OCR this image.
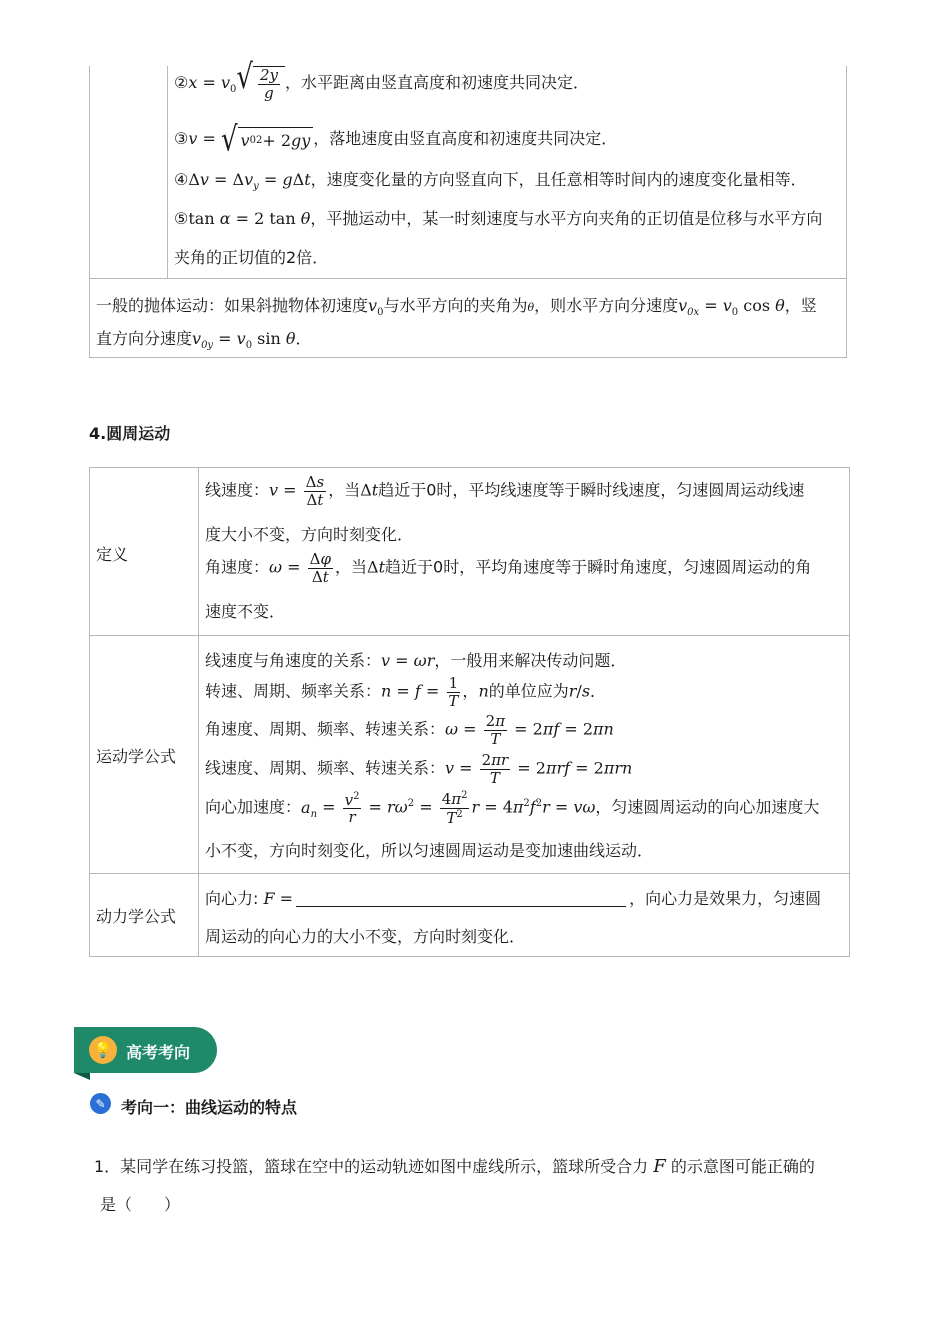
②x = $v_0$ √ $\frac{2y}{g}$ ，水平距离由竖直高度和初速度共同决定．
③v = √ v 0 2 + 2 gy ，落地速度由竖直高度和初速度共同决定．
④Δv = $\Delta v_y = g\Delta t$，速度变化量的方向竖直向下，且任意相等时间内的速度变化量相等．
⑤tan α = 2 tan θ，平抛运动中，某一时刻速度与水平方向夹角的正切值是位移与水平方向
夹角的正切值的2倍．
一般的抛体运动：如果斜抛物体初速度$v_0$与水平方向的夹角为θ，则水平方向分速度$v_{0x} = v_0$ cos θ，竖
直方向分速度$v_{0y} = v_0$ sin θ．
4.圆周运动
定义
线速度：$v = \frac{\Delta s}{\Delta t}$ ，当Δt趋近于0时，平均线速度等于瞬时线速度，匀速圆周运动线速
度大小不变，方向时刻变化．
角速度：$\omega = \frac{\Delta\varphi}{\Delta t}$ ，当Δt趋近于0时，平均角速度等于瞬时角速度，匀速圆周运动的角
速度不变．
运动学公式
线速度与角速度的关系：v = ωr，一般用来解决传动问题．
转速、周期、频率关系：$n = f = \frac{1}{T}$ ，n的单位应为r/s．
角速度、周期、频率、转速关系：$\omega = \frac{2\pi}{T} = 2\pi f = 2\pi n$
线速度、周期、频率、转速关系：$v = \frac{2\pi r}{T} = 2\pi rf = 2\pi rn$
向心加速度：$a_n = \frac{v^2}{r} = r\omega^2 = \frac{4\pi^2}{T^2}$ $r = 4\pi^2f^2r = v\omega$，匀速圆周运动的向心加速度大
小不变，方向时刻变化，所以匀速圆周运动是变加速曲线运动．
动力学公式
向心力: F =	，向心力是效果力，匀速圆
周运动的向心力的大小不变，方向时刻变化．
💡 高考考向
✎ 考向一：曲线运动的特点
1．某同学在练习投篮，篮球在空中的运动轨迹如图中虚线所示，篮球所受合力 F 的示意图可能正确的
是（　　）
